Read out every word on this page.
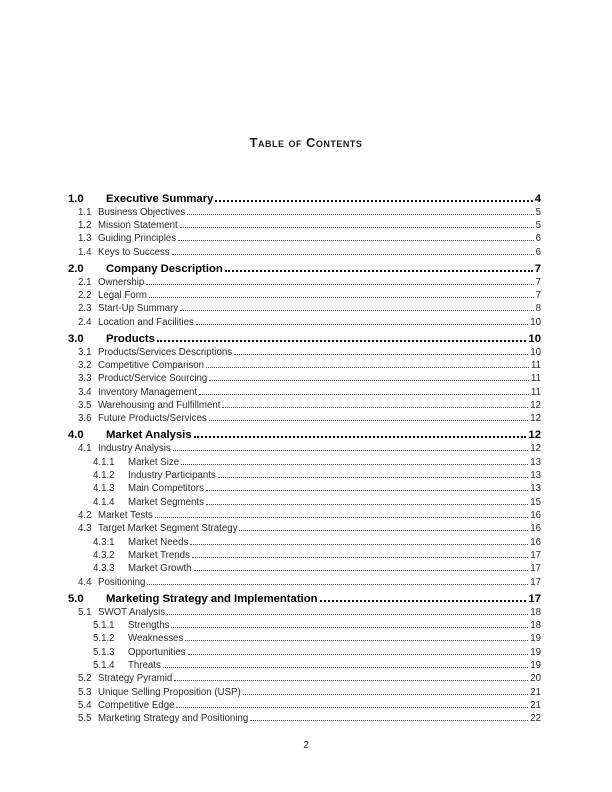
Table of Contents
1.0	Executive Summary	4
1.1 Business Objectives	5
1.2 Mission Statement	5
1.3 Guiding Principles	6
1.4 Keys to Success	6
2.0	Company Description	7
2.1 Ownership	7
2.2 Legal Form	7
2.3 Start-Up Summary	8
2.4 Location and Facilities	10
3.0	Products	10
3.1 Products/Services Descriptions	10
3.2 Competitive Comparison	11
3.3 Product/Service Sourcing	11
3.4 Inventory Management	11
3.5 Warehousing and Fulfillment	12
3.6 Future Products/Services	12
4.0	Market Analysis	12
4.1 Industry Analysis	12
4.1.1	Market Size	13
4.1.2	Industry Participants	13
4.1.3	Main Competitors	13
4.1.4	Market Segments	15
4.2 Market Tests	16
4.3 Target Market Segment Strategy	16
4.3.1	Market Needs	16
4.3.2	Market Trends	17
4.3.3	Market Growth	17
4.4 Positioning	17
5.0	Marketing Strategy and Implementation	17
5.1 SWOT Analysis	18
5.1.1	Strengths	18
5.1.2	Weaknesses	19
5.1.3	Opportunities	19
5.1.4	Threats	19
5.2 Strategy Pyramid	20
5.3 Unique Selling Proposition (USP)	21
5.4 Competitive Edge	21
5.5 Marketing Strategy and Positioning	22
2
